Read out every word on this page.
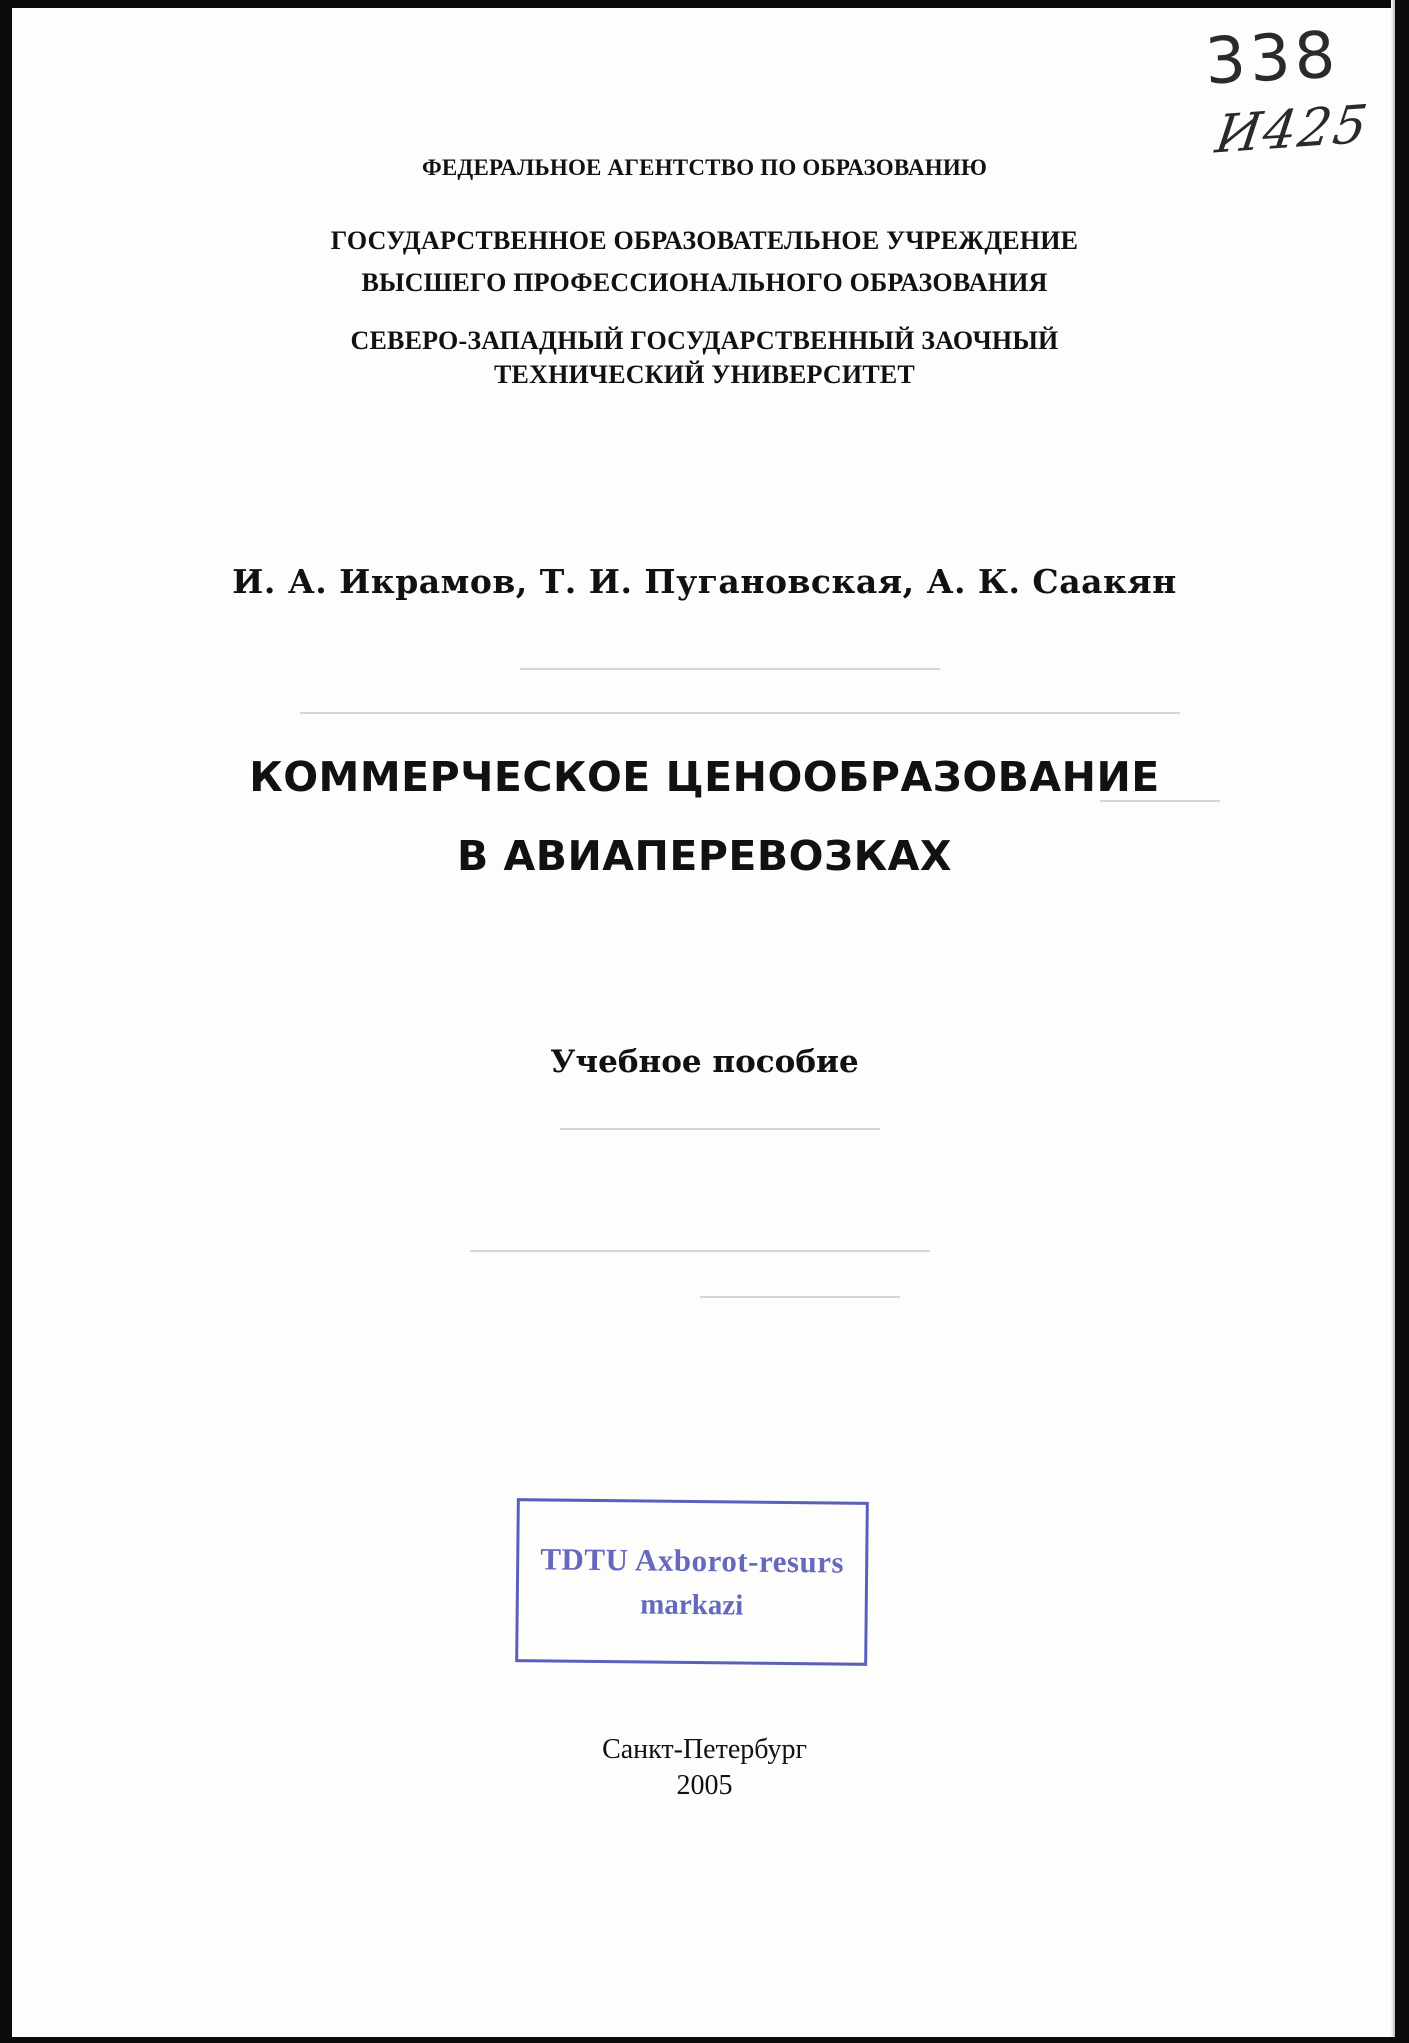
338
И425
ФЕДЕРАЛЬНОЕ АГЕНТСТВО ПО ОБРАЗОВАНИЮ
ГОСУДАРСТВЕННОЕ ОБРАЗОВАТЕЛЬНОЕ УЧРЕЖДЕНИЕ
ВЫСШЕГО ПРОФЕССИОНАЛЬНОГО ОБРАЗОВАНИЯ
СЕВЕРО-ЗАПАДНЫЙ ГОСУДАРСТВЕННЫЙ ЗАОЧНЫЙ
ТЕХНИЧЕСКИЙ УНИВЕРСИТЕТ
И. А. Икрамов, Т. И. Пугановская, А. К. Саакян
КОММЕРЧЕСКОЕ ЦЕНООБРАЗОВАНИЕ
В АВИАПЕРЕВОЗКАХ
Учебное пособие
TDTU Axborot-resurs
markazi
Санкт-Петербург
2005
